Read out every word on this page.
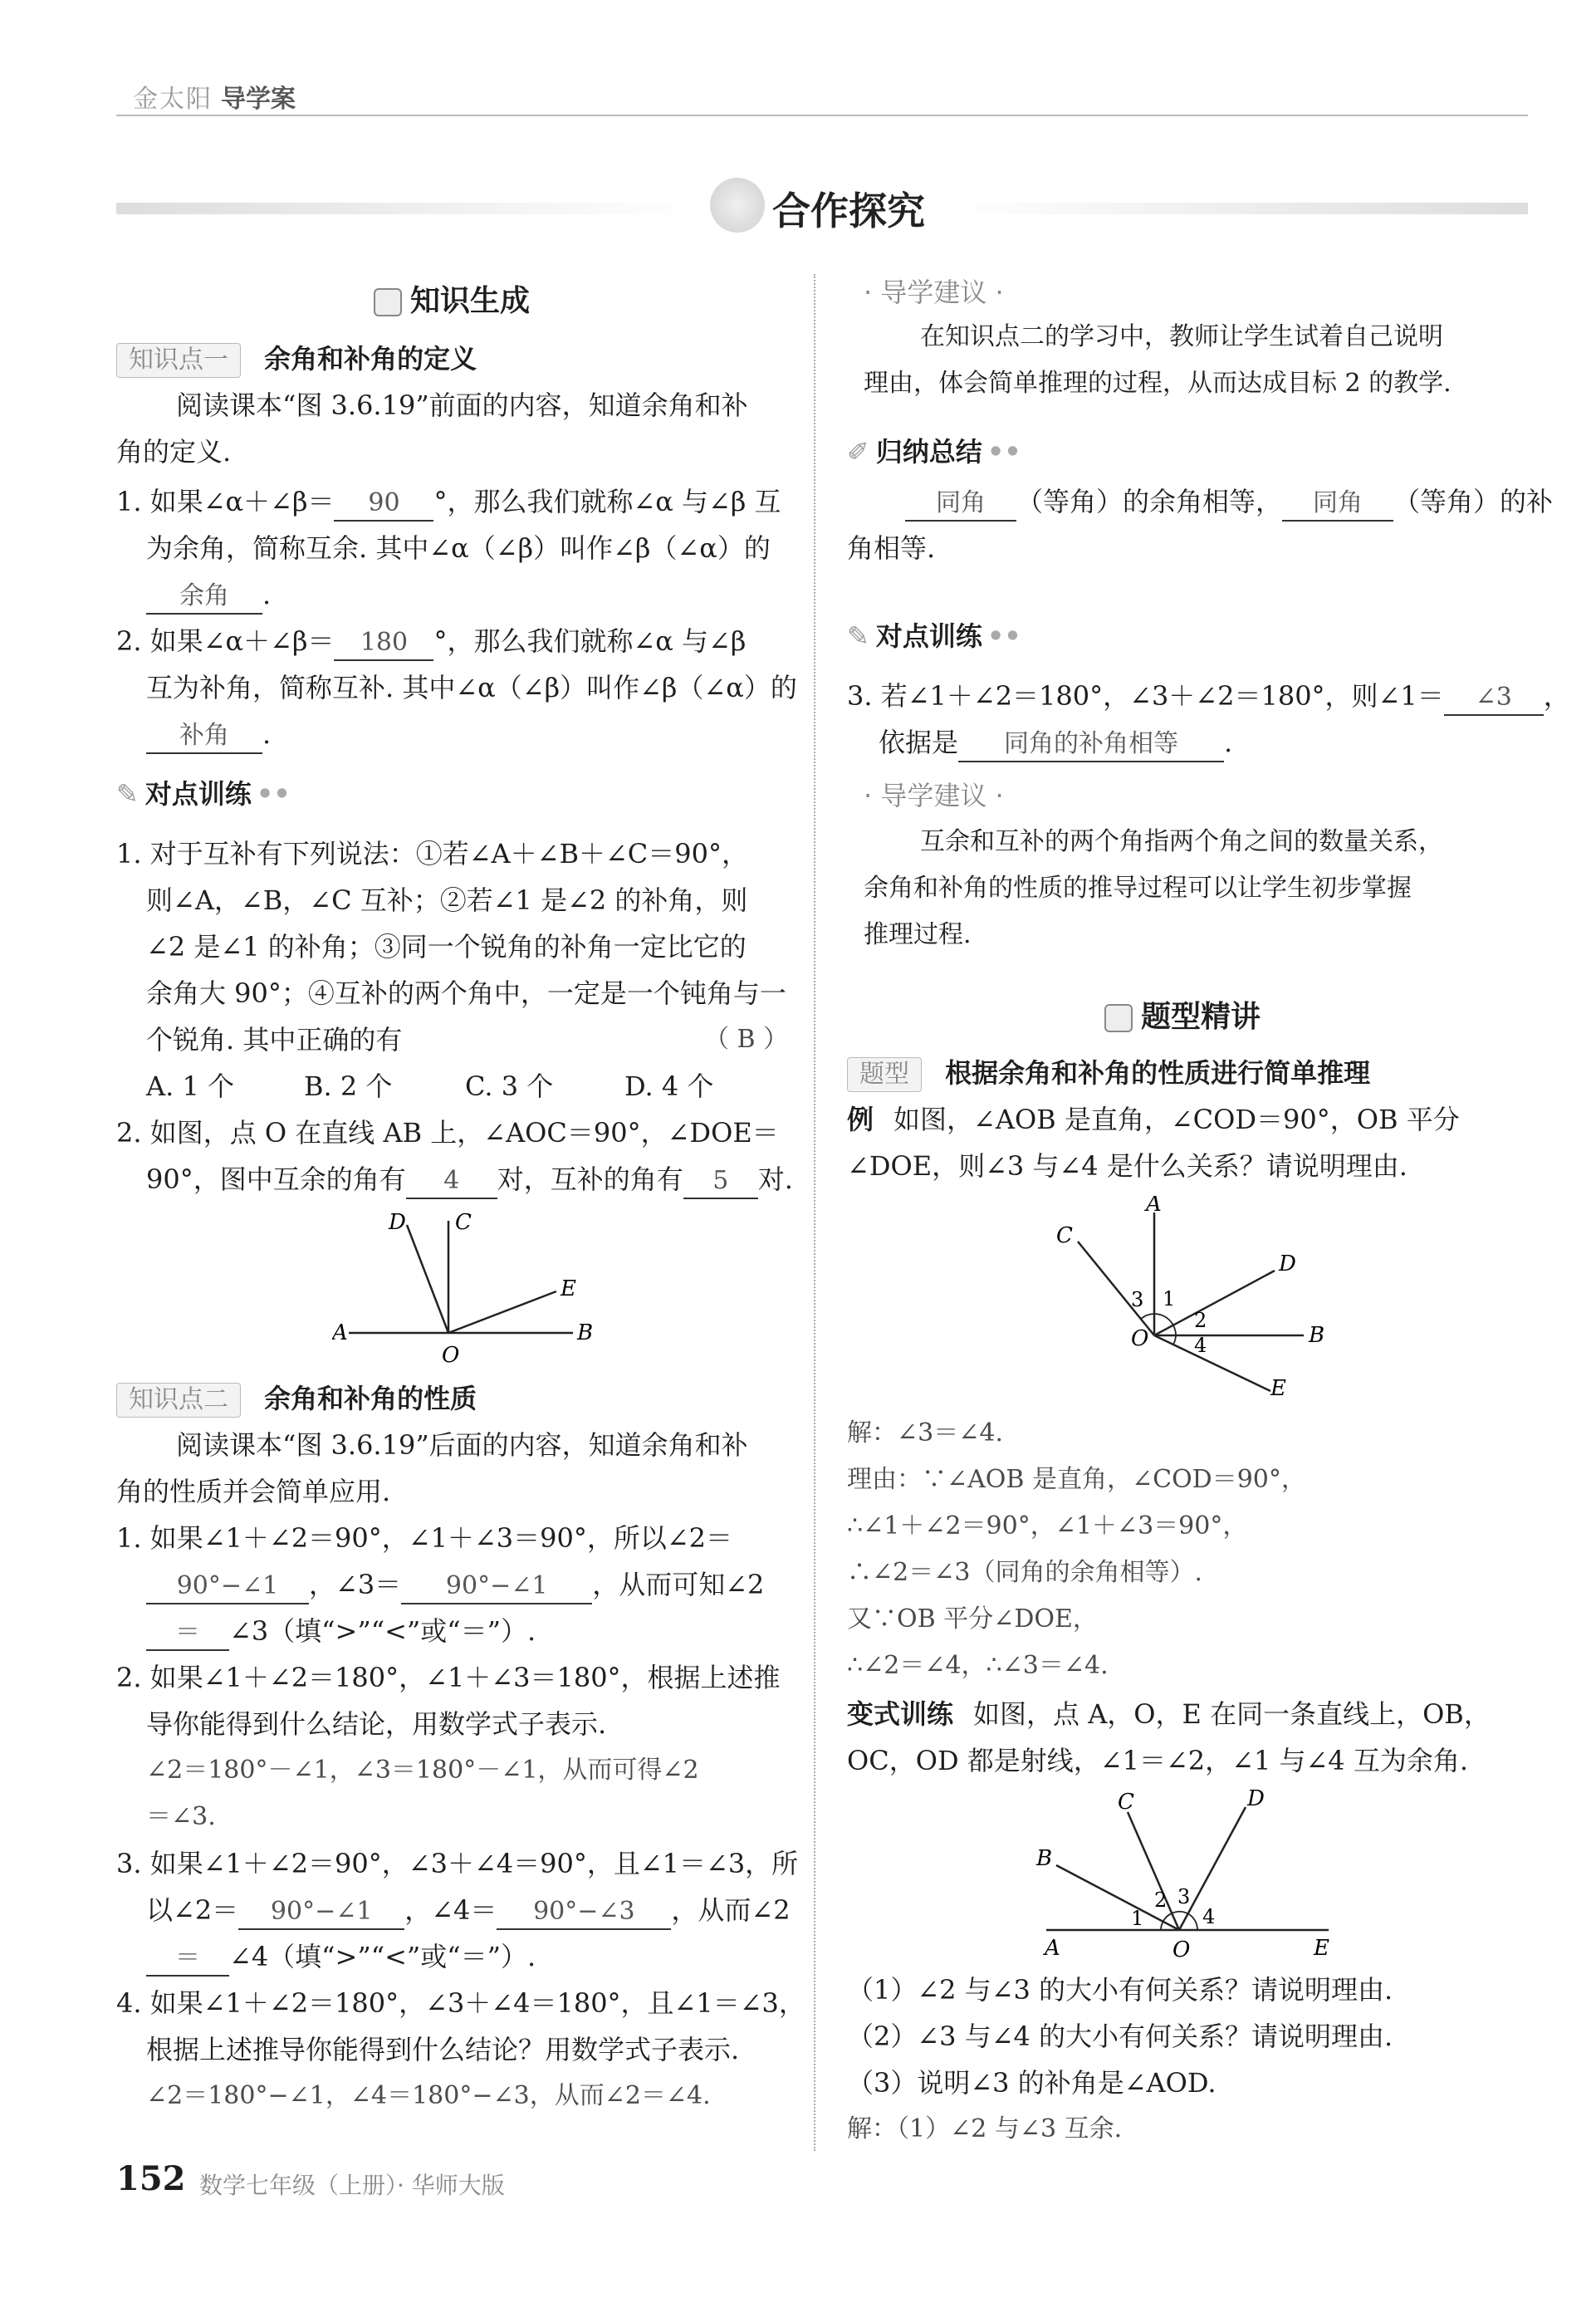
金太阳 导学案
合作探究
知识生成
知识点一 余角和补角的定义
阅读课本“图 3.6.19”前面的内容，知道余角和补
角的定义.
1. 如果∠α＋∠β＝ 90 °，那么我们就称∠α 与∠β 互
为余角，简称互余. 其中∠α（∠β）叫作∠β（∠α）的
余角 .
2. 如果∠α＋∠β＝ 180 °，那么我们就称∠α 与∠β
互为补角，简称互补. 其中∠α（∠β）叫作∠β（∠α）的
补角 .
✎ 对点训练 ••
1. 对于互补有下列说法：①若∠A＋∠B＋∠C＝90°，
则∠A，∠B，∠C 互补；②若∠1 是∠2 的补角，则
∠2 是∠1 的补角；③同一个锐角的补角一定比它的
余角大 90°；④互补的两个角中，一定是一个钝角与一
个锐角. 其中正确的有	（ B ）
A. 1 个	B. 2 个	C. 3 个	D. 4 个
2. 如图，点 O 在直线 AB 上，∠AOC＝90°，∠DOE＝
90°，图中互余的角有 4 对，互补的角有 5 对.
D C
E
A	B
O
知识点二 余角和补角的性质
阅读课本“图 3.6.19”后面的内容，知道余角和补
角的性质并会简单应用.
1. 如果∠1＋∠2＝90°，∠1＋∠3＝90°，所以∠2＝
90°−∠1 ，∠3＝ 90°−∠1 ，从而可知∠2
＝ ∠3（填“>”“<”或“＝”）.
2. 如果∠1＋∠2＝180°，∠1＋∠3＝180°，根据上述推
导你能得到什么结论，用数学式子表示.
∠2＝180°－∠1，∠3＝180°－∠1，从而可得∠2
＝∠3.
3. 如果∠1＋∠2＝90°，∠3＋∠4＝90°，且∠1＝∠3，所
以∠2＝ 90°−∠1 ，∠4＝ 90°−∠3 ，从而∠2
＝ ∠4（填“>”“<”或“＝”）.
4. 如果∠1＋∠2＝180°，∠3＋∠4＝180°，且∠1＝∠3，
根据上述推导你能得到什么结论？用数学式子表示.
∠2＝180°−∠1，∠4＝180°−∠3，从而∠2＝∠4.
· 导学建议 ·
在知识点二的学习中，教师让学生试着自己说明
理由，体会简单推理的过程，从而达成目标 2 的教学.
✐ 归纳总结 ••
同角 （等角）的余角相等， 同角 （等角）的补
角相等.
✎ 对点训练 ••
3. 若∠1＋∠2＝180°，∠3＋∠2＝180°，则∠1＝ ∠3 ，
依据是 同角的补角相等 .
· 导学建议 ·
互余和互补的两个角指两个角之间的数量关系，
余角和补角的性质的推导过程可以让学生初步掌握
推理过程.
题型精讲
题型 根据余角和补角的性质进行简单推理
例 如图，∠AOB 是直角，∠COD＝90°，OB 平分
∠DOE，则∠3 与∠4 是什么关系？请说明理由.
C
A
D
3 1
2
O 4	B
E
解：∠3＝∠4.
理由：∵∠AOB 是直角，∠COD＝90°，
∴∠1＋∠2＝90°，∠1＋∠3＝90°，
∴∠2＝∠3（同角的余角相等）.
又∵OB 平分∠DOE，
∴∠2＝∠4，∴∠3＝∠4.
变式训练 如图，点 A，O，E 在同一条直线上，OB，
OC，OD 都是射线，∠1＝∠2，∠1 与∠4 互为余角.
C	D
B
2 3
1	4
A	O	E
（1）∠2 与∠3 的大小有何关系？请说明理由.
（2）∠3 与∠4 的大小有何关系？请说明理由.
（3）说明∠3 的补角是∠AOD.
解：（1）∠2 与∠3 互余.
152 数学七年级（上册）· 华师大版
